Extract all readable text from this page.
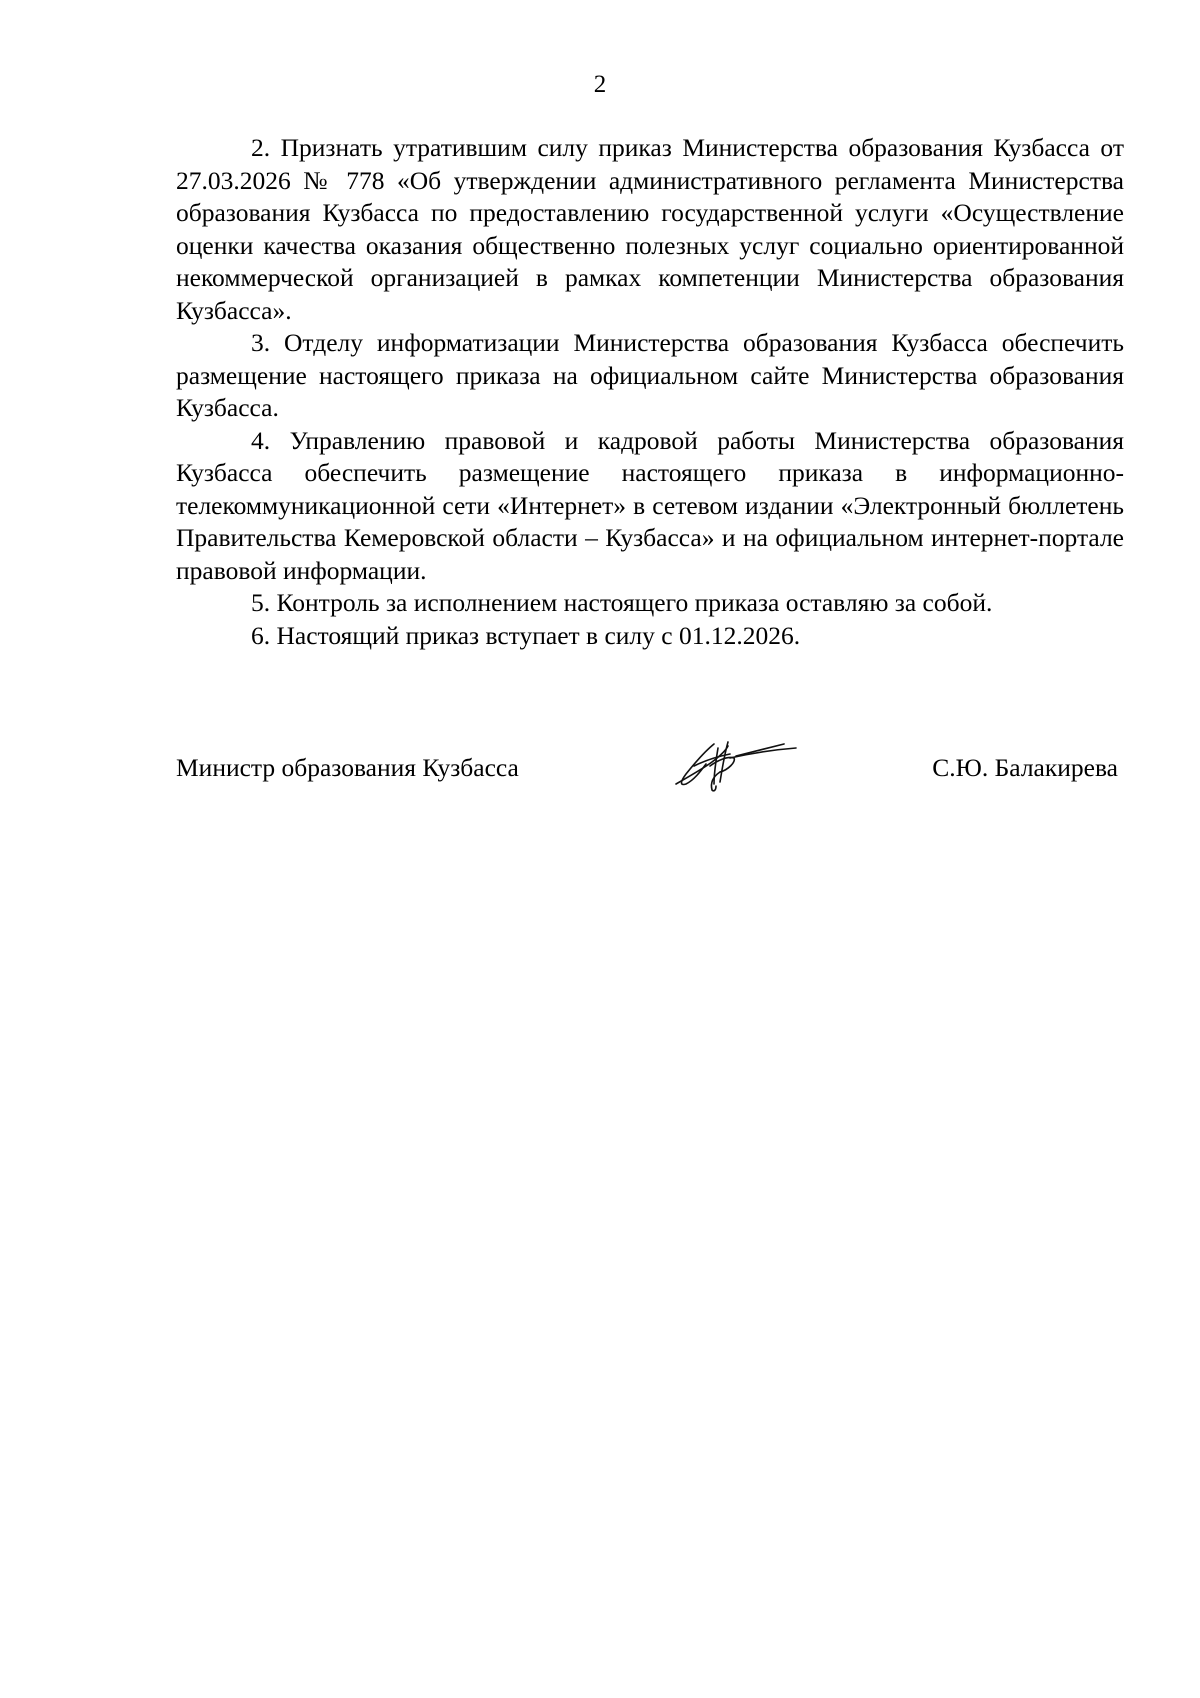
2

2. Признать утратившим силу приказ Министерства образования Кузбасса от 27.03.2026 № 778 «Об утверждении административного регламента Министерства образования Кузбасса по предоставлению государственной услуги «Осуществление оценки качества оказания общественно полезных услуг социально ориентированной некоммерческой организацией в рамках компетенции Министерства образования Кузбасса».

3. Отделу информатизации Министерства образования Кузбасса обеспечить размещение настоящего приказа на официальном сайте Министерства образования Кузбасса.

4. Управлению правовой и кадровой работы Министерства образования Кузбасса обеспечить размещение настоящего приказа в информационно-телекоммуникационной сети «Интернет» в сетевом издании «Электронный бюллетень Правительства Кемеровской области – Кузбасса» и на официальном интернет-портале правовой информации.

5. Контроль за исполнением настоящего приказа оставляю за собой.

6. Настоящий приказ вступает в силу с 01.12.2026.

Министр образования Кузбасса	С.Ю. Балакирева
